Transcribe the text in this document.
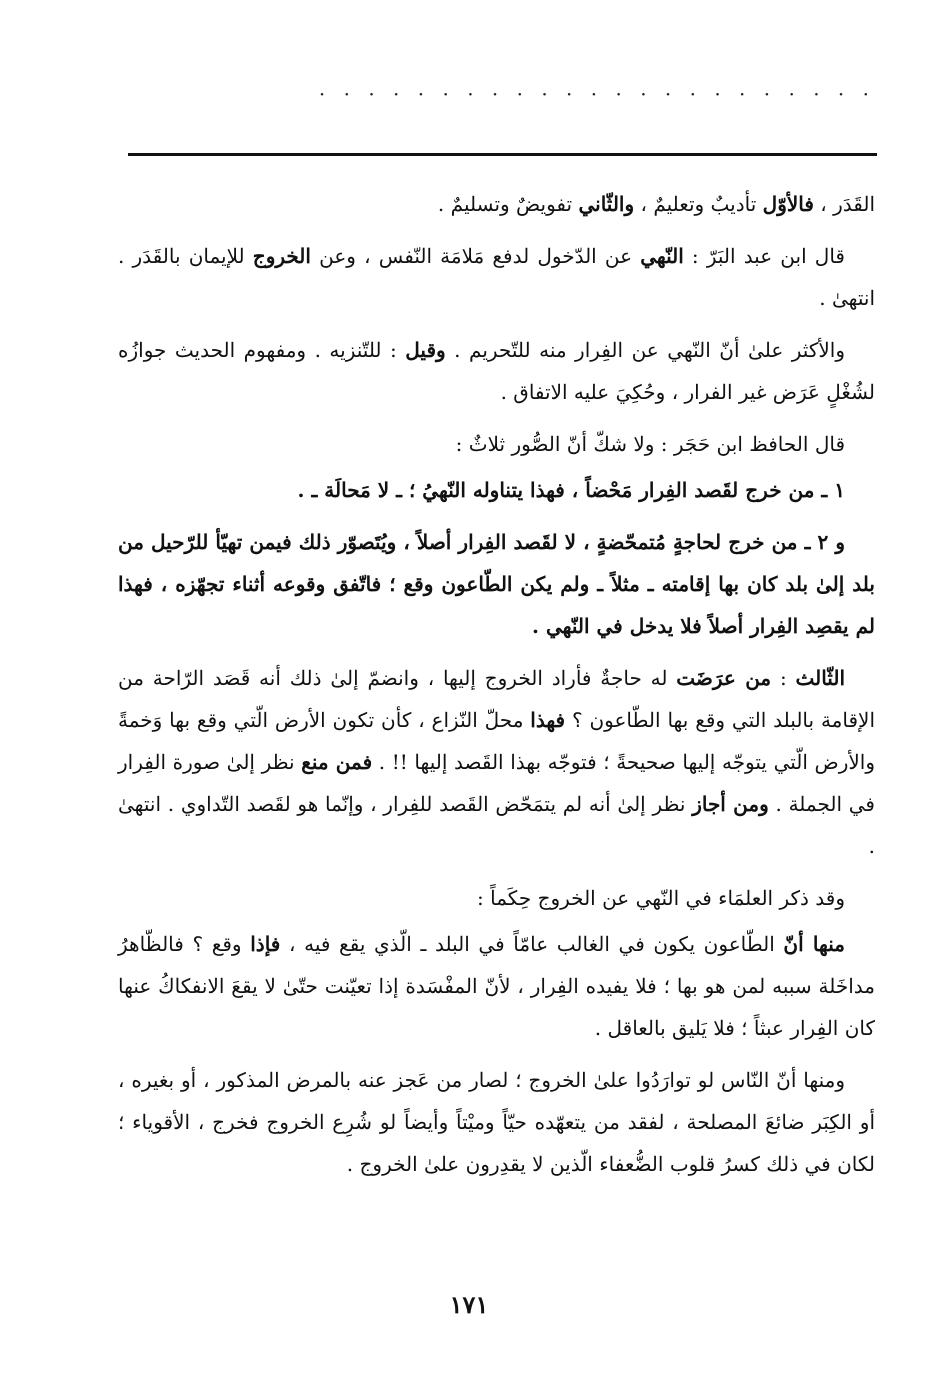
· · · · · · · · · · · · · · · · · · · · · · ·

القَدَر ، فالأوّل تأديبٌ وتعليمٌ ، والثّاني تفويضٌ وتسليمٌ .

قال ابن عبد البَرّ : النّهي عن الدّخول لدفع مَلامَة النّفس ، وعن الخروج للإيمان بالقَدَر . انتهىٰ .

والأكثر علىٰ أنّ النّهي عن الفِرار منه للتّحريم . وقيل : للتّنزيه . ومفهوم الحديث جوازُه لشُغْلٍ عَرَض غير الفرار ، وحُكِيَ عليه الاتفاق .

قال الحافظ ابن حَجَر : ولا شكّ أنّ الصُّور ثلاثٌ :

١ ـ من خرج لقَصد الفِرار مَحْضاً ، فهذا يتناوله النّهيُ ؛ ـ لا مَحالَة ـ .

و ٢ ـ من خرج لحاجةٍ مُتمحّضةٍ ، لا لقَصد الفِرار أصلاً ، ويُتَصوّر ذلك فيمن تهيّأ للرّحيل من بلد إلىٰ بلد كان بها إقامته ـ مثلاً ـ ولم يكن الطّاعون وقع ؛ فاتّفق وقوعه أثناء تجهّزه ، فهذا لم يقصِد الفِرار أصلاً فلا يدخل في النّهي .

الثّالث : من عرَضَت له حاجةٌ فأراد الخروج إليها ، وانضمّ إلىٰ ذلك أنه قَصَد الرّاحة من الإقامة بالبلد التي وقع بها الطّاعون ؟ فهذا محلّ النّزاع ، كأن تكون الأرض الّتي وقع بها وَخمةً والأرض الّتي يتوجّه إليها صحيحةً ؛ فتوجّه بهذا القَصد إليها !! . فمن منع نظر إلىٰ صورة الفِرار في الجملة . ومن أجاز نظر إلىٰ أنه لم يتمَحّض القَصد للفِرار ، وإنّما هو لقَصد التّداوي . انتهىٰ .

وقد ذكر العلمَاء في النّهي عن الخروج حِكَماً :

منها أنّ الطّاعون يكون في الغالب عامّاً في البلد ـ الّذي يقع فيه ، فإذا وقع ؟ فالظّاهرُ مداخَلة سببه لمن هو بها ؛ فلا يفيده الفِرار ، لأنّ المفْسَدة إذا تعيّنت حتّىٰ لا يقعَ الانفكاكُ عنها كان الفِرار عبثاً ؛ فلا يَليق بالعاقل .

ومنها أنّ النّاس لو توارَدُوا علىٰ الخروج ؛ لصار من عَجز عنه بالمرض المذكور ، أو بغيره ، أو الكِبَر ضائعَ المصلحة ، لفقد من يتعهّده حيّاً وميْتاً وأيضاً لو شُرِع الخروج فخرج ، الأقوياء ؛ لكان في ذلك كسرُ قلوب الضُّعفاء الّذين لا يقدِرون علىٰ الخروج .

١٧١
